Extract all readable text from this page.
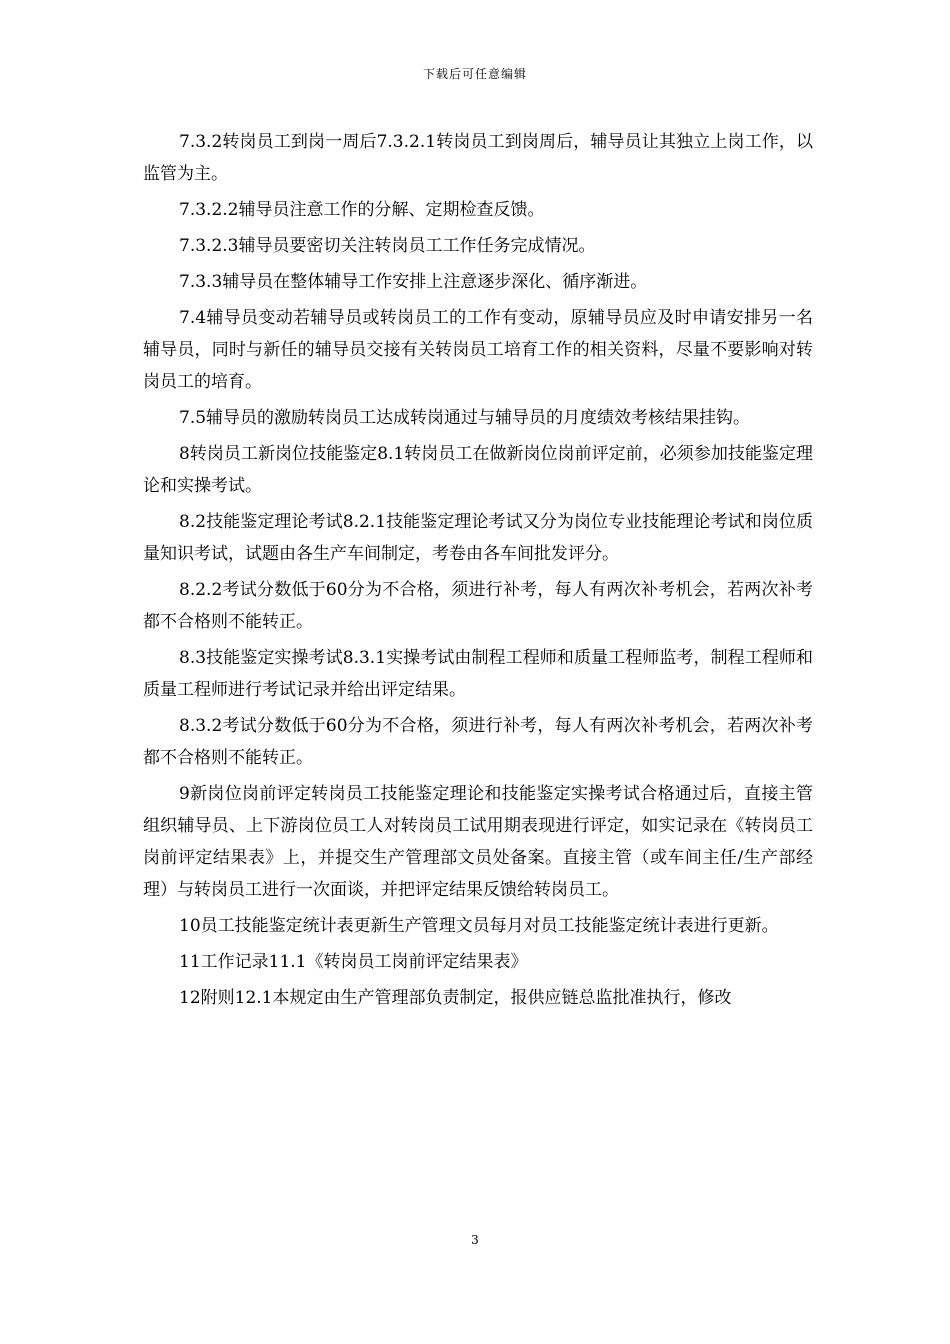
下载后可任意编辑

7.3.2转岗员工到岗一周后7.3.2.1转岗员工到岗周后，辅导员让其独立上岗工作，以监管为主。

7.3.2.2辅导员注意工作的分解、定期检查反馈。

7.3.2.3辅导员要密切关注转岗员工工作任务完成情况。

7.3.3辅导员在整体辅导工作安排上注意逐步深化、循序渐进。

7.4辅导员变动若辅导员或转岗员工的工作有变动，原辅导员应及时申请安排另一名辅导员，同时与新任的辅导员交接有关转岗员工培育工作的相关资料，尽量不要影响对转岗员工的培育。

7.5辅导员的激励转岗员工达成转岗通过与辅导员的月度绩效考核结果挂钩。

8转岗员工新岗位技能鉴定8.1转岗员工在做新岗位岗前评定前，必须参加技能鉴定理论和实操考试。

8.2技能鉴定理论考试8.2.1技能鉴定理论考试又分为岗位专业技能理论考试和岗位质量知识考试，试题由各生产车间制定，考卷由各车间批发评分。

8.2.2考试分数低于60分为不合格，须进行补考，每人有两次补考机会，若两次补考都不合格则不能转正。

8.3技能鉴定实操考试8.3.1实操考试由制程工程师和质量工程师监考，制程工程师和质量工程师进行考试记录并给出评定结果。

8.3.2考试分数低于60分为不合格，须进行补考，每人有两次补考机会，若两次补考都不合格则不能转正。

9新岗位岗前评定转岗员工技能鉴定理论和技能鉴定实操考试合格通过后，直接主管组织辅导员、上下游岗位员工人对转岗员工试用期表现进行评定，如实记录在《转岗员工岗前评定结果表》上，并提交生产管理部文员处备案。直接主管（或车间主任/生产部经理）与转岗员工进行一次面谈，并把评定结果反馈给转岗员工。

10员工技能鉴定统计表更新生产管理文员每月对员工技能鉴定统计表进行更新。

11工作记录11.1《转岗员工岗前评定结果表》

12附则12.1本规定由生产管理部负责制定，报供应链总监批准执行，修改

3
